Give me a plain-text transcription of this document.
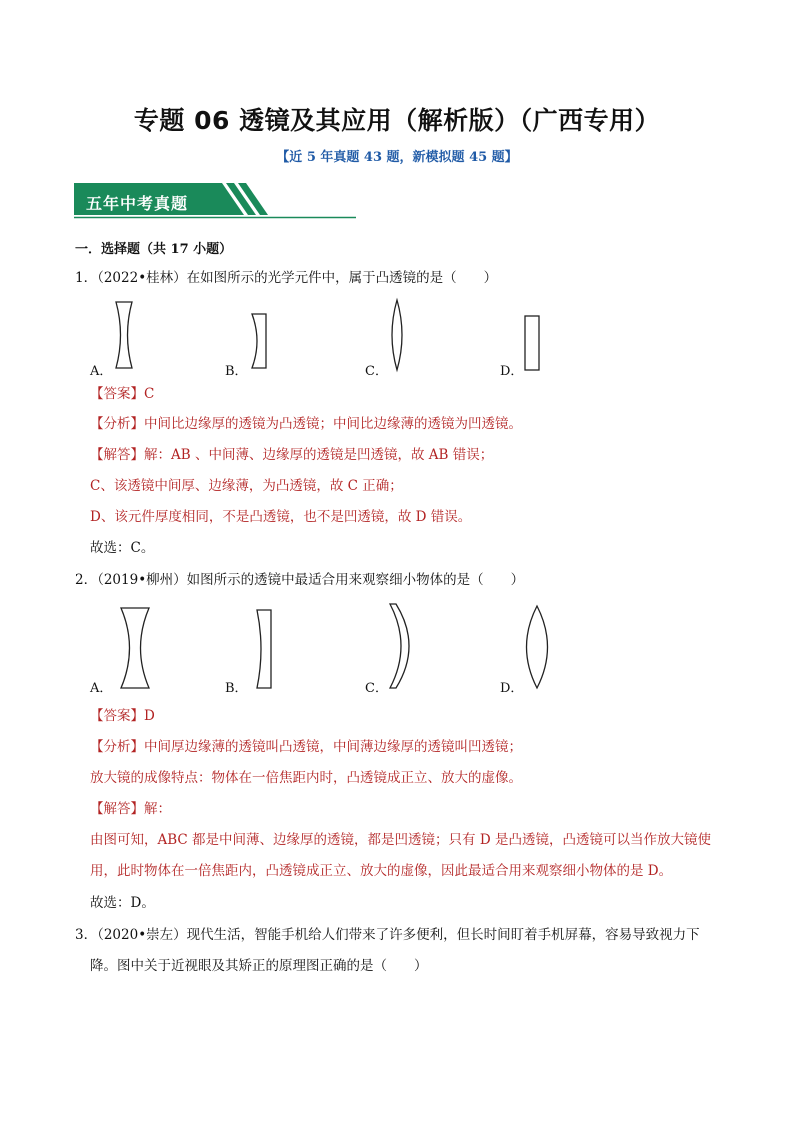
专题 06 透镜及其应用（解析版）（广西专用）
【近 5 年真题 43 题，新模拟题 45 题】
五年中考真题
一．选择题（共 17 小题）
1．（2022•桂林）在如图所示的光学元件中，属于凸透镜的是（　　）
A．	B．	C．	D．
【答案】C
【分析】中间比边缘厚的透镜为凸透镜；中间比边缘薄的透镜为凹透镜。
【解答】解：AB 、中间薄、边缘厚的透镜是凹透镜，故 AB 错误；
C、该透镜中间厚、边缘薄，为凸透镜，故 C 正确；
D、该元件厚度相同，不是凸透镜，也不是凹透镜，故 D 错误。
故选：C。
2．（2019•柳州）如图所示的透镜中最适合用来观察细小物体的是（　　）
A．	B．	C．	D．
【答案】D
【分析】中间厚边缘薄的透镜叫凸透镜，中间薄边缘厚的透镜叫凹透镜；
放大镜的成像特点：物体在一倍焦距内时，凸透镜成正立、放大的虚像。
【解答】解：
由图可知，ABC 都是中间薄、边缘厚的透镜，都是凹透镜；只有 D 是凸透镜，凸透镜可以当作放大镜使
用，此时物体在一倍焦距内，凸透镜成正立、放大的虚像，因此最适合用来观察细小物体的是 D。
故选：D。
3．（2020•崇左）现代生活，智能手机给人们带来了许多便利，但长时间盯着手机屏幕，容易导致视力下
降。图中关于近视眼及其矫正的原理图正确的是（　　）
